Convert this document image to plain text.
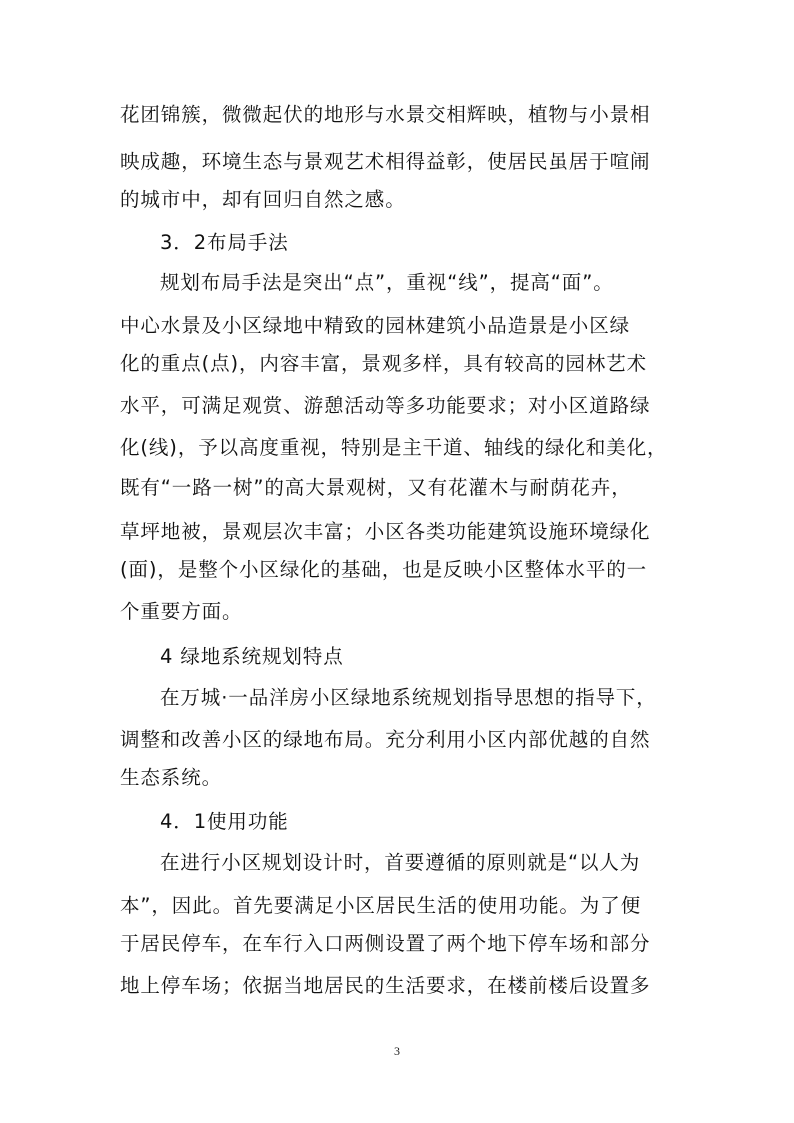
花团锦簇，微微起伏的地形与水景交相辉映，植物与小景相
映成趣，环境生态与景观艺术相得益彰，使居民虽居于喧闹
的城市中，却有回归自然之感。
3．2布局手法
规划布局手法是突出“点”，重视“线”，提高“面”。
中心水景及小区绿地中精致的园林建筑小品造景是小区绿
化的重点(点)，内容丰富，景观多样，具有较高的园林艺术
水平，可满足观赏、游憩活动等多功能要求；对小区道路绿
化(线)，予以高度重视，特别是主干道、轴线的绿化和美化，
既有“一路一树”的高大景观树，又有花灌木与耐荫花卉，
草坪地被，景观层次丰富；小区各类功能建筑设施环境绿化
(面)，是整个小区绿化的基础，也是反映小区整体水平的一
个重要方面。
4 绿地系统规划特点
在万城·一品洋房小区绿地系统规划指导思想的指导下，
调整和改善小区的绿地布局。充分利用小区内部优越的自然
生态系统。
4．1使用功能
在进行小区规划设计时，首要遵循的原则就是“以人为
本”，因此。首先要满足小区居民生活的使用功能。为了便
于居民停车，在车行入口两侧设置了两个地下停车场和部分
地上停车场；依据当地居民的生活要求，在楼前楼后设置多
3
